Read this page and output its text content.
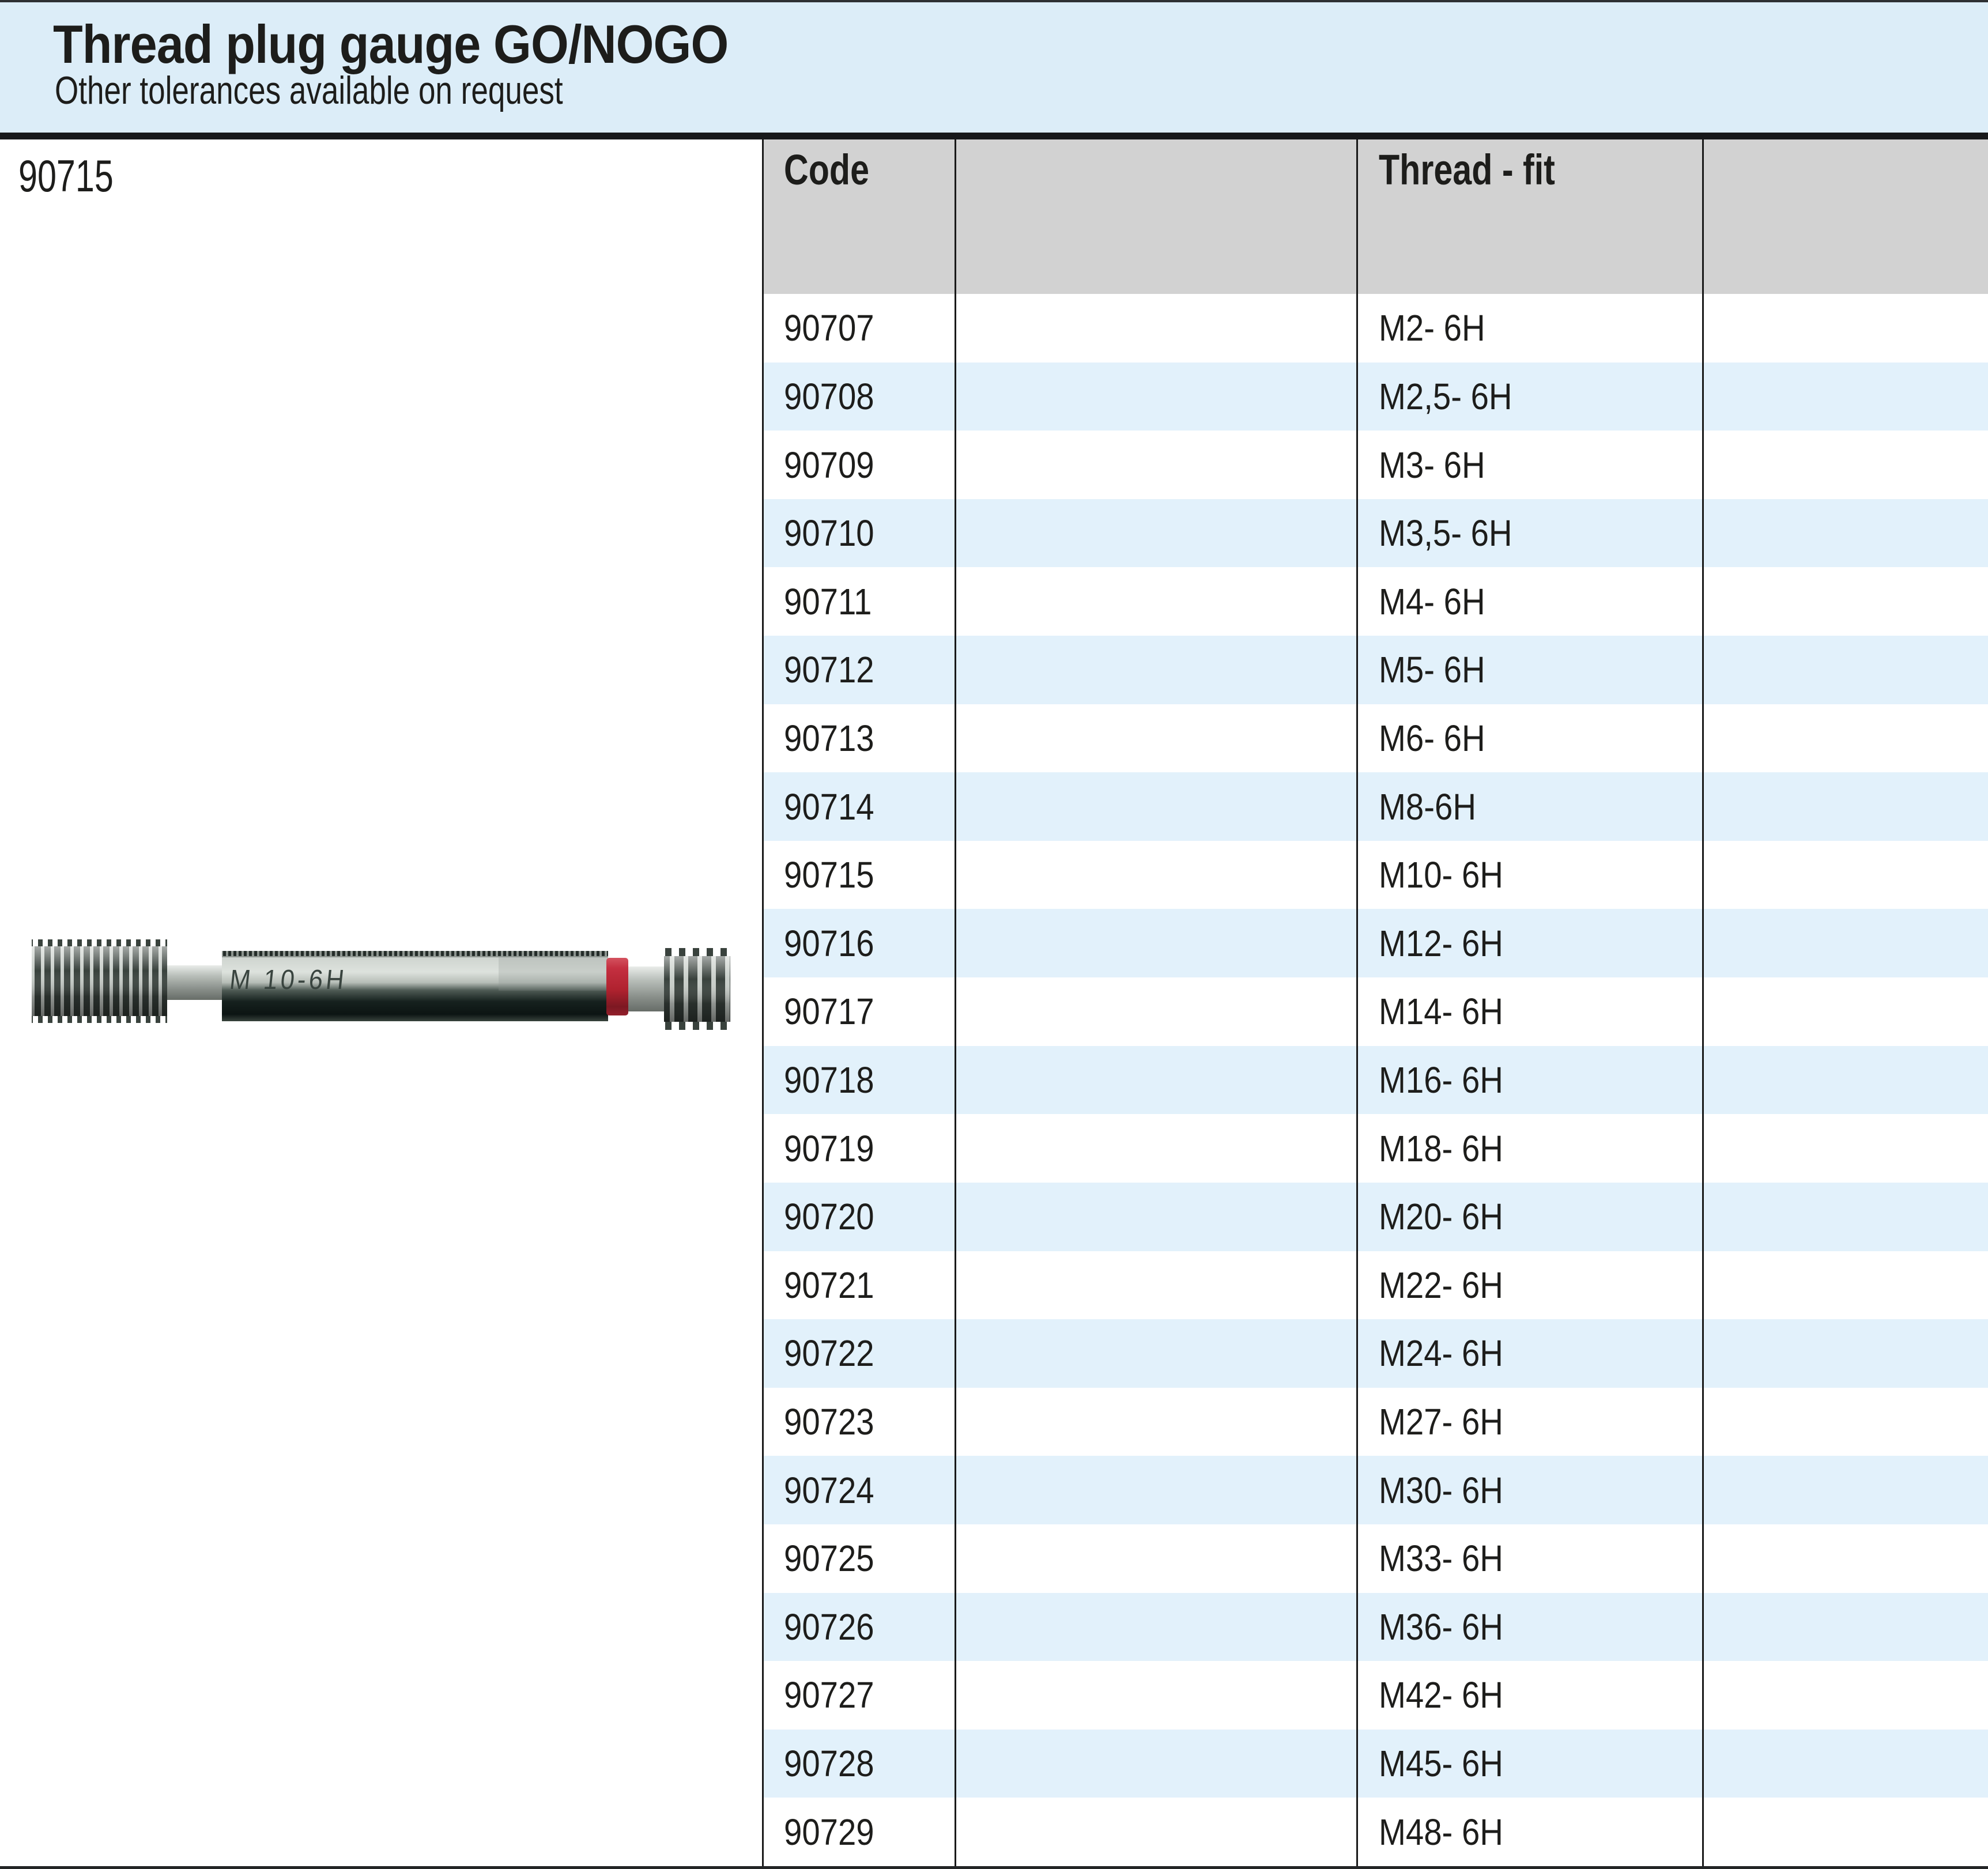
Thread plug gauge GO/NOGO
Other tolerances available on request
90715
90707	M2- 6H
90708	M2,5- 6H
90709	M3- 6H
90710	M3,5- 6H
90711	M4- 6H
90712	M5- 6H
90713	M6- 6H
90714	M8-6H
90715	M10- 6H
90716	M12- 6H
90717	M14- 6H
90718	M16- 6H
90719	M18- 6H
90720	M20- 6H
90721	M22- 6H
90722	M24- 6H
90723	M27- 6H
90724	M30- 6H
90725	M33- 6H
90726	M36- 6H
90727	M42- 6H
90728	M45- 6H
90729	M48- 6H
Code	Thread - fit
M 10-6H
